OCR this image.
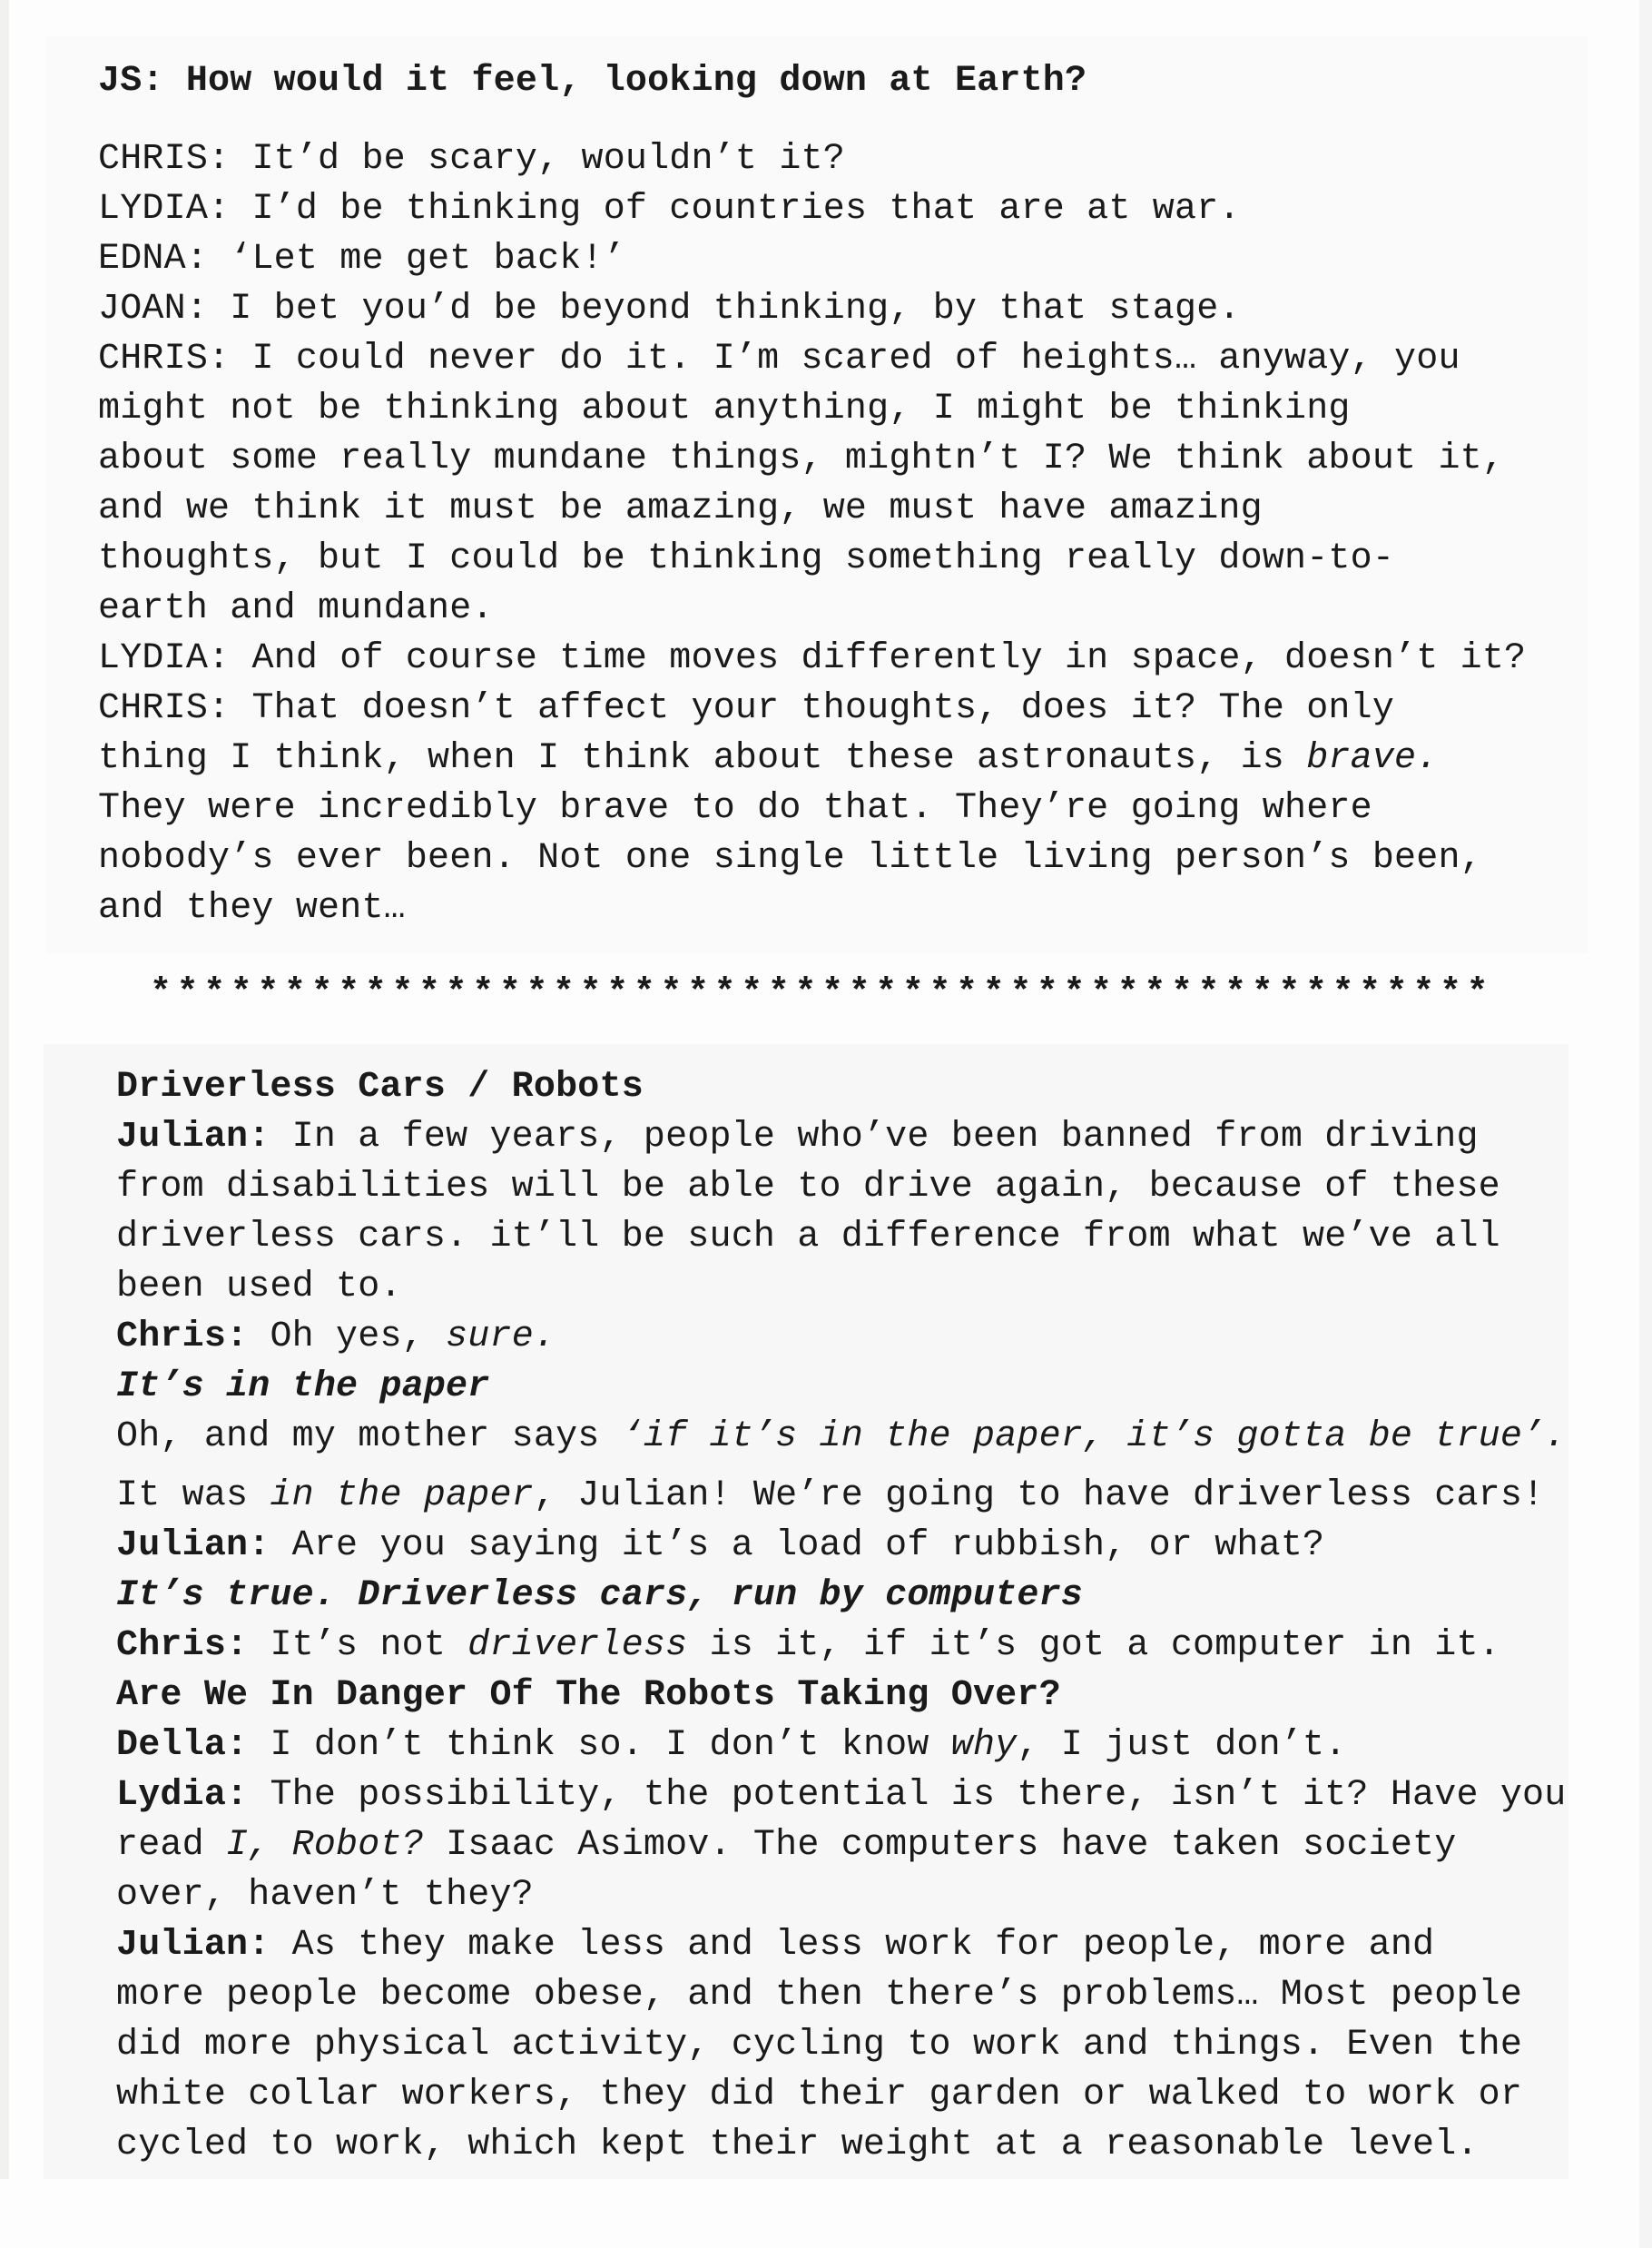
JS: How would it feel, looking down at Earth?
CHRIS: It’d be scary, wouldn’t it?
LYDIA: I’d be thinking of countries that are at war.
EDNA: ‘Let me get back!’
JOAN: I bet you’d be beyond thinking, by that stage.
CHRIS: I could never do it. I’m scared of heights… anyway, you
might not be thinking about anything, I might be thinking
about some really mundane things, mightn’t I? We think about it,
and we think it must be amazing, we must have amazing
thoughts, but I could be thinking something really down-to-
earth and mundane.
LYDIA: And of course time moves differently in space, doesn’t it?
CHRIS: That doesn’t affect your thoughts, does it? The only
thing I think, when I think about these astronauts, is brave.
They were incredibly brave to do that. They’re going where
nobody’s ever been. Not one single little living person’s been,
and they went…
**************************************************
Driverless Cars / Robots
Julian: In a few years, people who’ve been banned from driving
from disabilities will be able to drive again, because of these
driverless cars. it’ll be such a difference from what we’ve all
been used to.
Chris: Oh yes, sure.
It’s in the paper
Oh, and my mother says ‘if it’s in the paper, it’s gotta be true’.
It was in the paper, Julian! We’re going to have driverless cars!
Julian: Are you saying it’s a load of rubbish, or what?
It’s true. Driverless cars, run by computers
Chris: It’s not driverless is it, if it’s got a computer in it.
Are We In Danger Of The Robots Taking Over?
Della: I don’t think so. I don’t know why, I just don’t.
Lydia: The possibility, the potential is there, isn’t it? Have you
read I, Robot? Isaac Asimov. The computers have taken society
over, haven’t they?
Julian: As they make less and less work for people, more and
more people become obese, and then there’s problems… Most people
did more physical activity, cycling to work and things. Even the
white collar workers, they did their garden or walked to work or
cycled to work, which kept their weight at a reasonable level.
